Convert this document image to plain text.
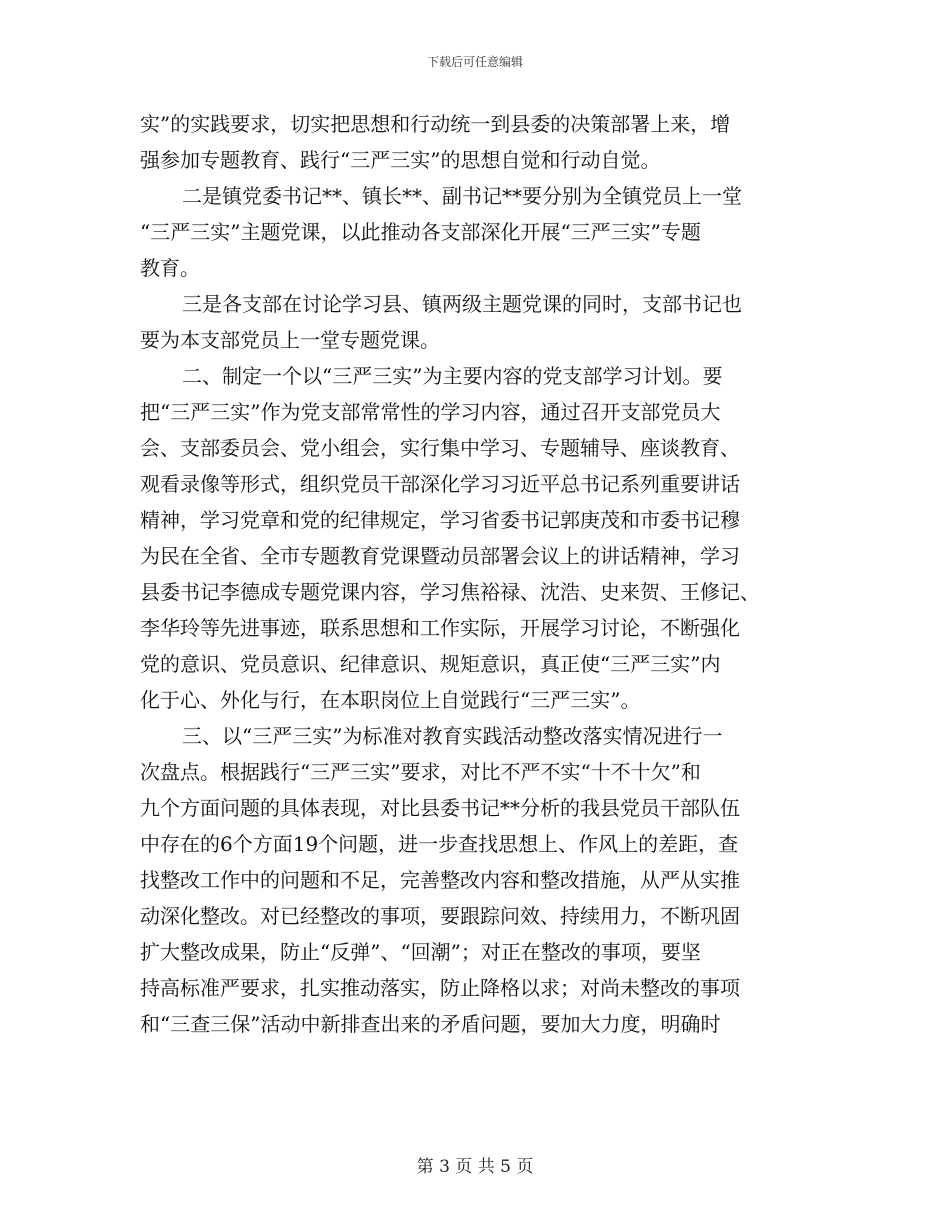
下载后可任意编辑
实”的实践要求，切实把思想和行动统一到县委的决策部署上来，增
强参加专题教育、践行“三严三实”的思想自觉和行动自觉。
二是镇党委书记**、镇长**、副书记**要分别为全镇党员上一堂
“三严三实”主题党课，以此推动各支部深化开展“三严三实”专题
教育。
三是各支部在讨论学习县、镇两级主题党课的同时，支部书记也
要为本支部党员上一堂专题党课。
二、制定一个以“三严三实”为主要内容的党支部学习计划。要
把“三严三实”作为党支部常常性的学习内容，通过召开支部党员大
会、支部委员会、党小组会，实行集中学习、专题辅导、座谈教育、
观看录像等形式，组织党员干部深化学习习近平总书记系列重要讲话
精神，学习党章和党的纪律规定，学习省委书记郭庚茂和市委书记穆
为民在全省、全市专题教育党课暨动员部署会议上的讲话精神，学习
县委书记李德成专题党课内容，学习焦裕禄、沈浩、史来贺、王修记、
李华玲等先进事迹，联系思想和工作实际，开展学习讨论，不断强化
党的意识、党员意识、纪律意识、规矩意识，真正使“三严三实”内
化于心、外化与行，在本职岗位上自觉践行“三严三实”。
三、以“三严三实”为标准对教育实践活动整改落实情况进行一
次盘点。根据践行“三严三实”要求，对比不严不实“十不十欠”和
九个方面问题的具体表现，对比县委书记**分析的我县党员干部队伍
中存在的6个方面19个问题，进一步查找思想上、作风上的差距，查
找整改工作中的问题和不足，完善整改内容和整改措施，从严从实推
动深化整改。对已经整改的事项，要跟踪问效、持续用力，不断巩固
扩大整改成果，防止“反弹”、“回潮”；对正在整改的事项，要坚
持高标准严要求，扎实推动落实，防止降格以求；对尚未整改的事项
和“三查三保”活动中新排查出来的矛盾问题，要加大力度，明确时
第 3 页 共 5 页
